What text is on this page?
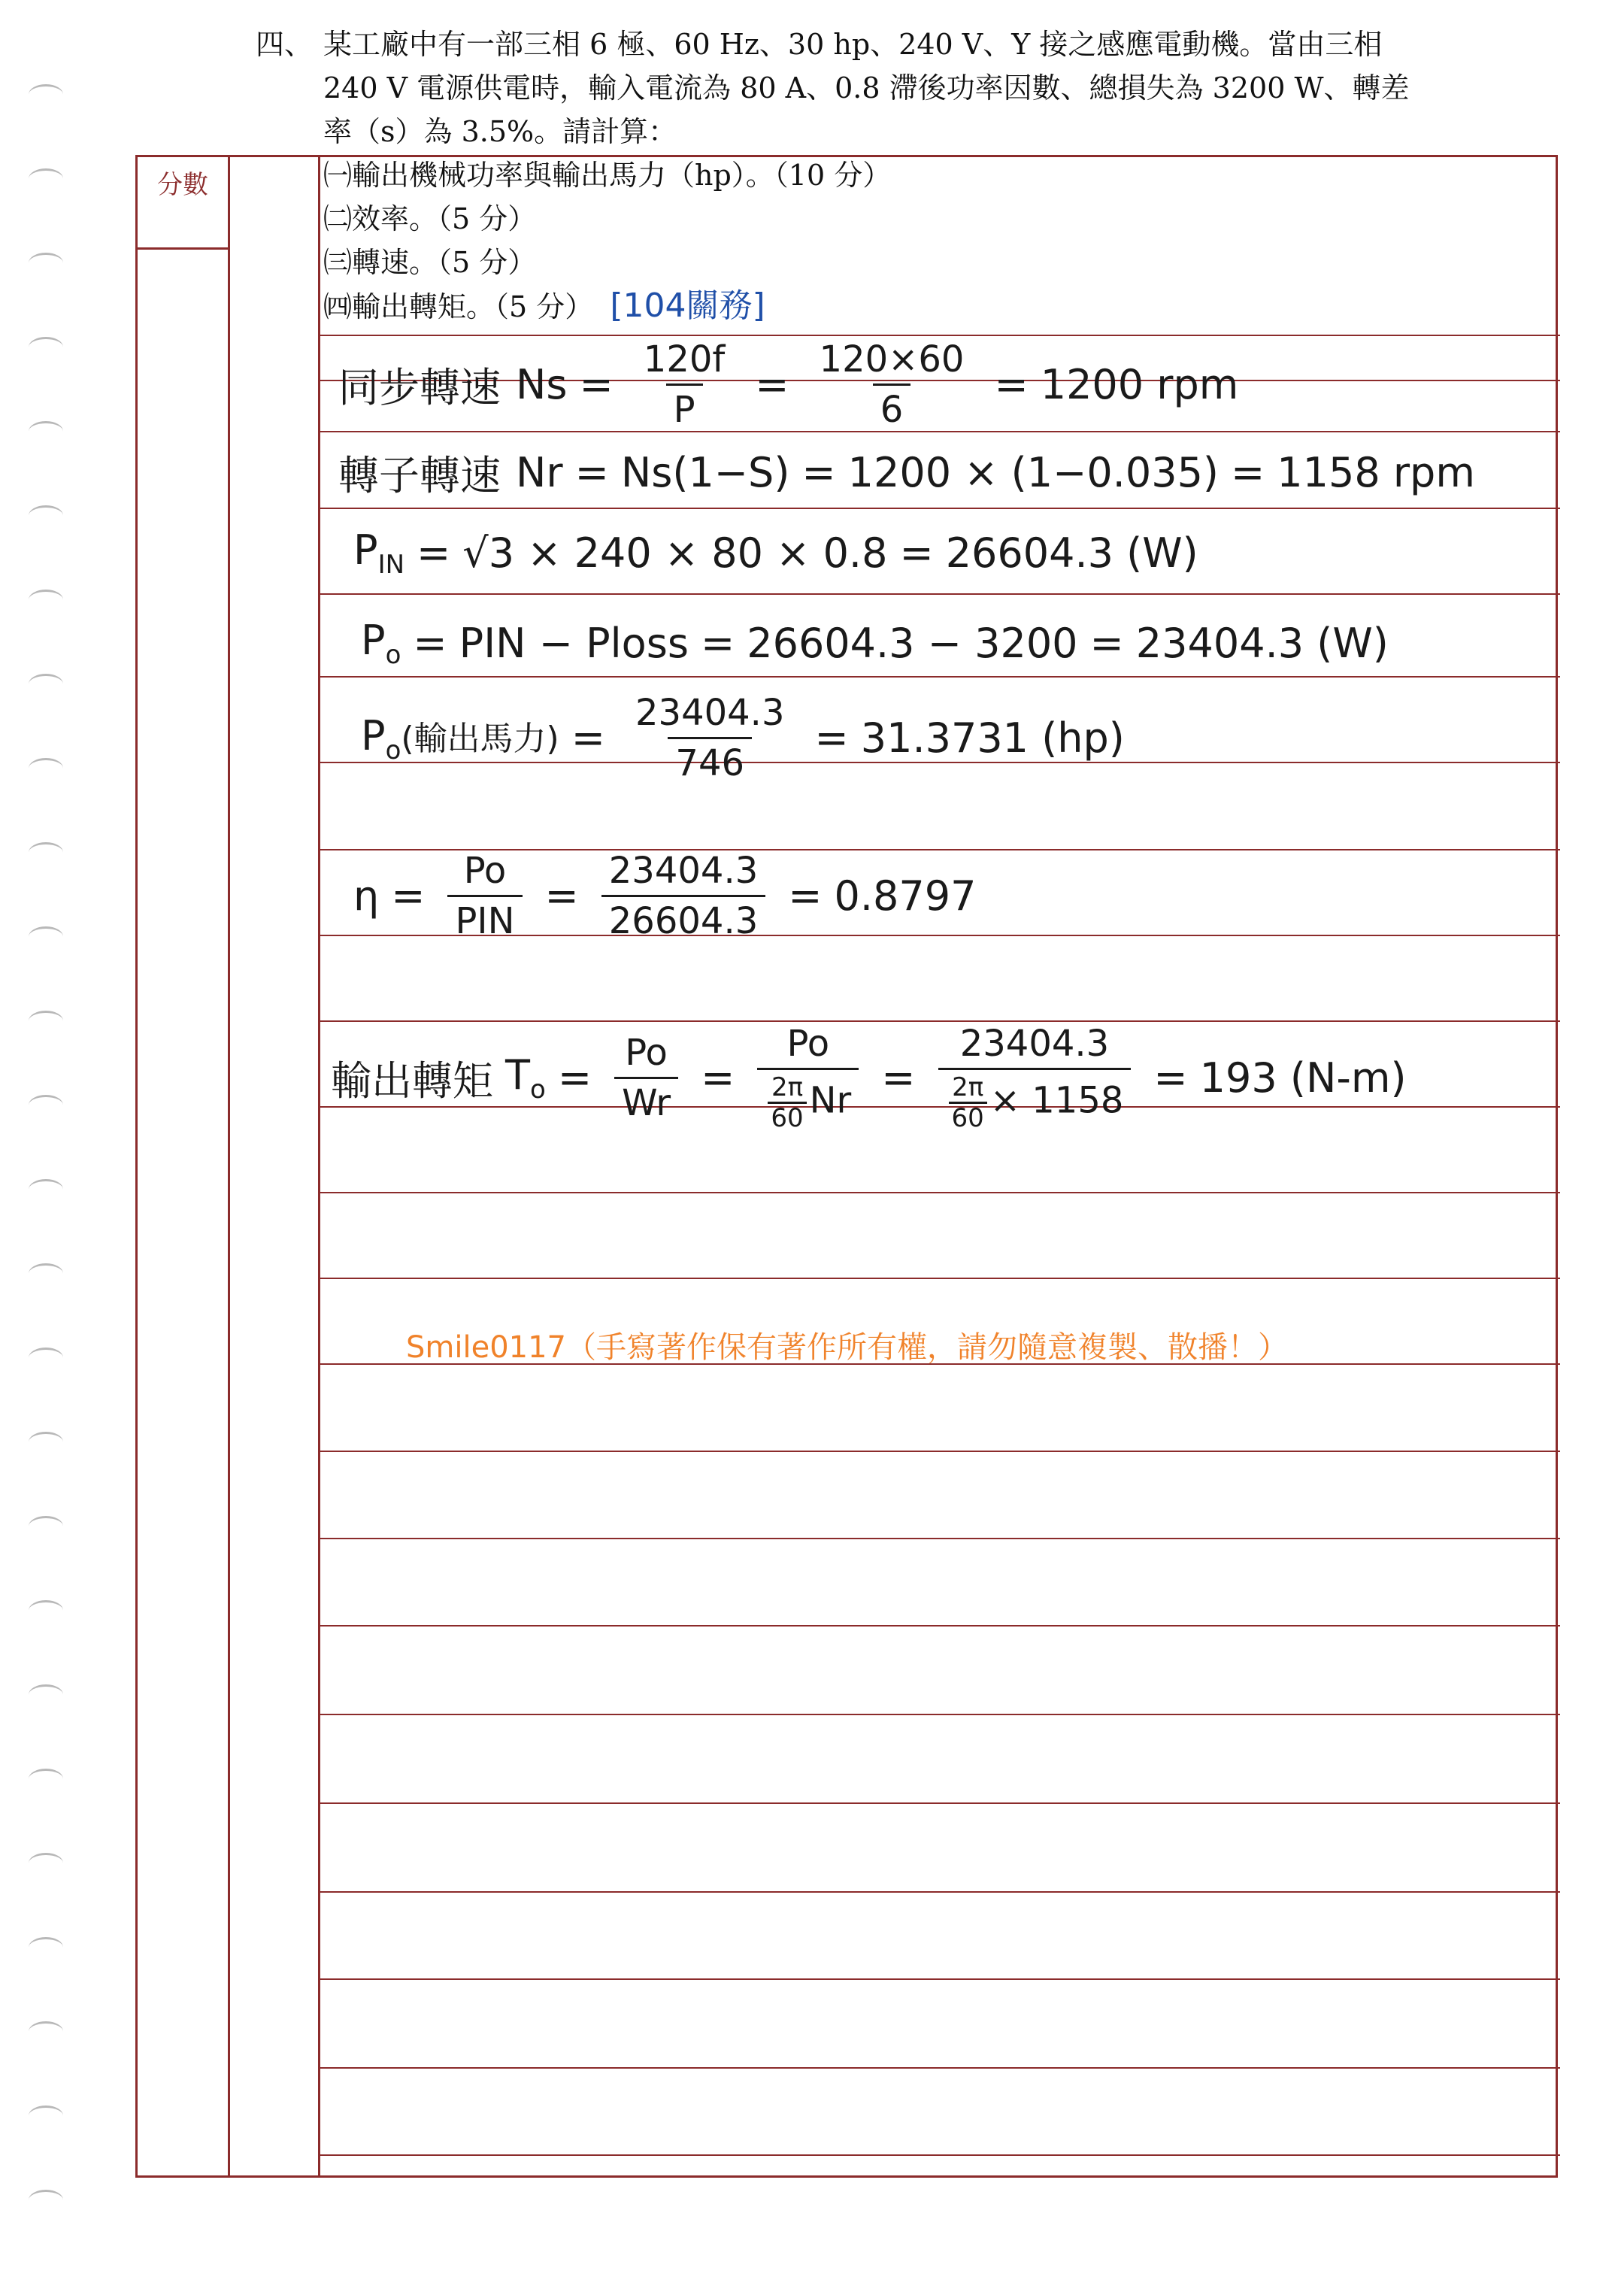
分數
四、 某工廠中有一部三相 6 極、60 Hz、30 hp、240 V、Y 接之感應電動機。當由三相
240 V 電源供電時，輸入電流為 80 A、0.8 滯後功率因數、總損失為 3200 W、轉差
率（s）為 3.5%。請計算：
㈠輸出機械功率與輸出馬力（hp）。（10 分）
㈡效率。（5 分）
㈢轉速。（5 分）
㈣輸出轉矩。（5 分） [104關務]
同步轉速 $Ns = \frac{120f}{P} = \frac{120\times 60}{6} = 1200$ rpm
轉子轉速 Nr = Ns(1−S) = 1200 × (1−0.035) = 1158 rpm
$P_{IN} = √3 \times 240 \times 80 \times 0.8 = 26604.3$ (W)
$P_o$ = PIN − Ploss = 26604.3 − 3200 = 23404.3 (W)
$P_o$(輸出馬力) = $\frac{23404.3}{746} = 31.3731$ (hp)
$\eta = \frac{Po}{\text{PIN}} = \frac{23404.3}{26604.3} = 0.8797$
輸出轉矩 $T_o = \frac{Po}{Wr} = \frac{Po}{\frac{2\pi}{60} Nr} = \frac{23404.3}{\frac{2\pi}{60} \times 1158} = 193$ (N-m)
Smile0117（手寫著作保有著作所有權，請勿隨意複製、散播！）
